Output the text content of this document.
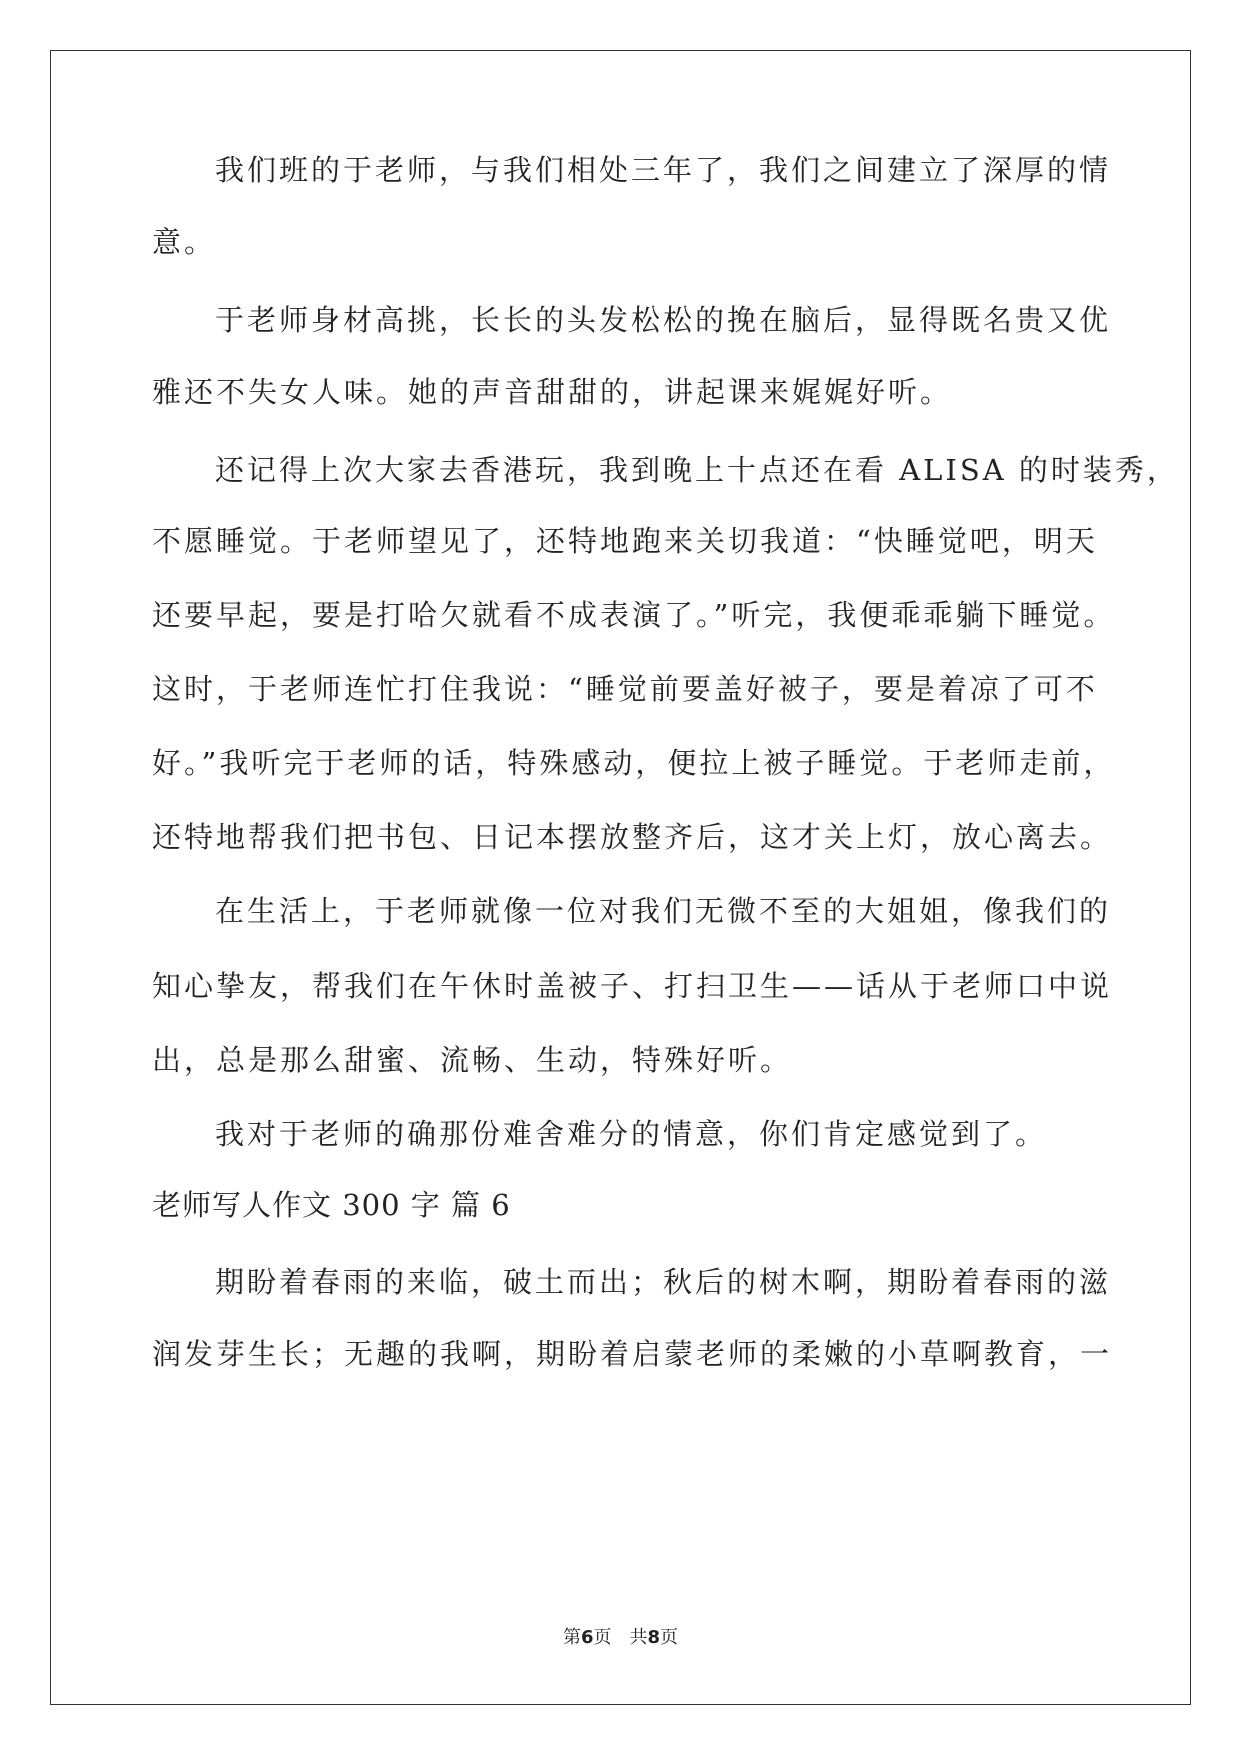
我们班的于老师，与我们相处三年了，我们之间建立了深厚的情
意。
于老师身材高挑，长长的头发松松的挽在脑后，显得既名贵又优
雅还不失女人味。她的声音甜甜的，讲起课来娓娓好听。
还记得上次大家去香港玩，我到晚上十点还在看 ALISA 的时装秀，
不愿睡觉。于老师望见了，还特地跑来关切我道：“快睡觉吧，明天
还要早起，要是打哈欠就看不成表演了。”听完，我便乖乖躺下睡觉。
这时，于老师连忙打住我说：“睡觉前要盖好被子，要是着凉了可不
好。”我听完于老师的话，特殊感动，便拉上被子睡觉。于老师走前，
还特地帮我们把书包、日记本摆放整齐后，这才关上灯，放心离去。
在生活上，于老师就像一位对我们无微不至的大姐姐，像我们的
知心挚友，帮我们在午休时盖被子、打扫卫生——话从于老师口中说
出，总是那么甜蜜、流畅、生动，特殊好听。
我对于老师的确那份难舍难分的情意，你们肯定感觉到了。
老师写人作文 300 字 篇 6
期盼着春雨的来临，破土而出；秋后的树木啊，期盼着春雨的滋
润发芽生长；无趣的我啊，期盼着启蒙老师的柔嫩的小草啊教育，一
第6页　共8页
